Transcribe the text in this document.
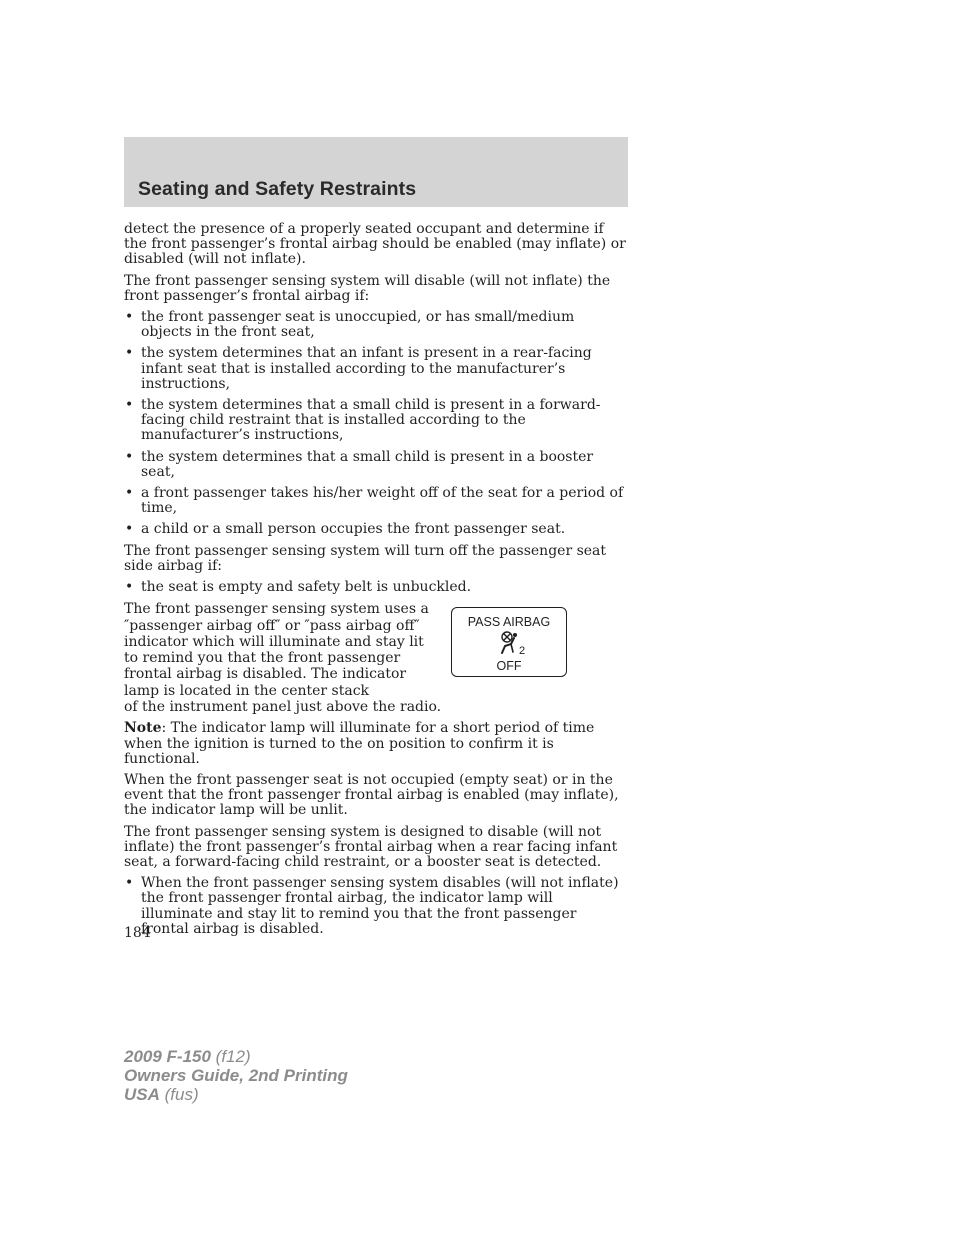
Seating and Safety Restraints

detect the presence of a properly seated occupant and determine if the front passenger’s frontal airbag should be enabled (may inflate) or disabled (will not inflate).

The front passenger sensing system will disable (will not inflate) the front passenger’s frontal airbag if:

• the front passenger seat is unoccupied, or has small/medium objects in the front seat,
• the system determines that an infant is present in a rear-facing infant seat that is installed according to the manufacturer’s instructions,
• the system determines that a small child is present in a forward-facing child restraint that is installed according to the manufacturer’s instructions,
• the system determines that a small child is present in a booster seat,
• a front passenger takes his/her weight off of the seat for a period of time,
• a child or a small person occupies the front passenger seat.

The front passenger sensing system will turn off the passenger seat side airbag if:

• the seat is empty and safety belt is unbuckled.
The front passenger sensing system uses a ″passenger airbag off″ or ″pass airbag off″ indicator which will illuminate and stay lit to remind you that the front passenger frontal airbag is disabled. The indicator lamp is located in the center stack
of the instrument panel just above the radio.
PASS AIRBAG
2
OFF

Note: The indicator lamp will illuminate for a short period of time when the ignition is turned to the on position to confirm it is functional.

When the front passenger seat is not occupied (empty seat) or in the event that the front passenger frontal airbag is enabled (may inflate), the indicator lamp will be unlit.

The front passenger sensing system is designed to disable (will not inflate) the front passenger’s frontal airbag when a rear facing infant seat, a forward-facing child restraint, or a booster seat is detected.

• When the front passenger sensing system disables (will not inflate) the front passenger frontal airbag, the indicator lamp will illuminate and stay lit to remind you that the front passenger frontal airbag is disabled.
184
2009 F-150 (f12)
Owners Guide, 2nd Printing
USA (fus)
